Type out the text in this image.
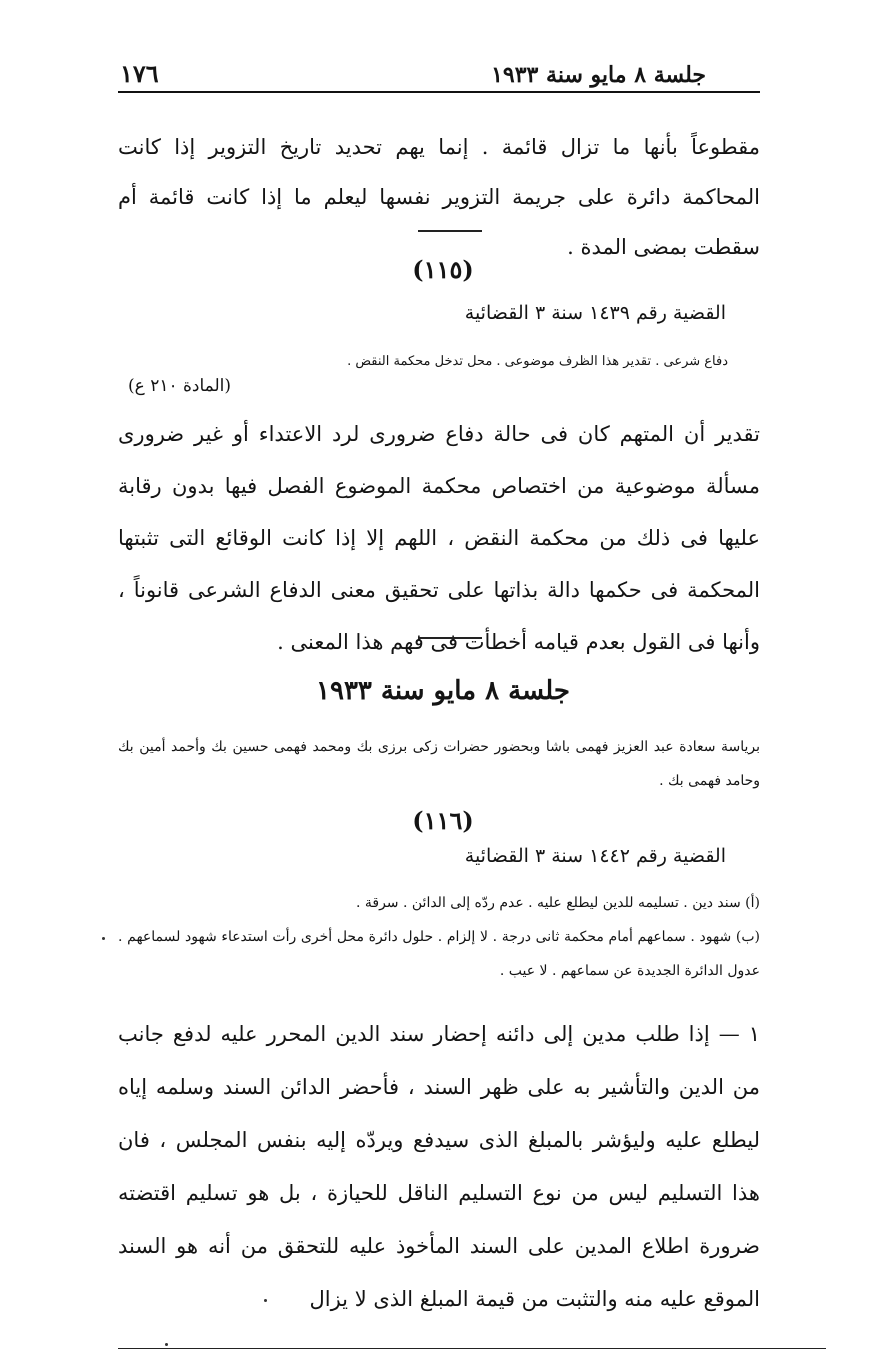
١٧٦	جلسة ٨ مايو سنة ١٩٣٣
مقطوعاً بأنها ما تزال قائمة . إنما يهم تحديد تاريخ التزوير إذا كانت المحاكمة دائرة على جريمة التزوير نفسها ليعلم ما إذا كانت قائمة أم سقطت بمضى المدة .
(١١٥)
القضية رقم ١٤٣٩ سنة ٣ القضائية
دفاع شرعى . تقدير هذا الظرف موضوعى . محل تدخل محكمة النقض .
(المادة ٢١٠ ع)
تقدير أن المتهم كان فى حالة دفاع ضرورى لرد الاعتداء أو غير ضرورى مسألة موضوعية من اختصاص محكمة الموضوع الفصل فيها بدون رقابة عليها فى ذلك من محكمة النقض ، اللهم إلا إذا كانت الوقائع التى تثبتها المحكمة فى حكمها دالة بذاتها على تحقيق معنى الدفاع الشرعى قانوناً ، وأنها فى القول بعدم قيامه أخطأت فى فهم هذا المعنى .
جلسة ٨ مايو سنة ١٩٣٣
برياسة سعادة عبد العزيز فهمى باشا وبحضور حضرات زكى برزى بك ومحمد فهمى حسين بك وأحمد أمين بك وحامد فهمى بك .
(١١٦)
القضية رقم ١٤٤٢ سنة ٣ القضائية
(أ) سند دين . تسليمه للدين ليطلع عليه . عدم ردّه إلى الدائن . سرقة .
(ب) شهود . سماعهم أمام محكمة ثانى درجة . لا إلزام . حلول دائرة محل أخرى رأت استدعاء شهود لسماعهم . عدول الدائرة الجديدة عن سماعهم . لا عيب .
١ — إذا طلب مدين إلى دائنه إحضار سند الدين المحرر عليه لدفع جانب من الدين والتأشير به على ظهر السند ، فأحضر الدائن السند وسلمه إياه ليطلع عليه وليؤشر بالمبلغ الذى سيدفع ويردّه إليه بنفس المجلس ، فان هذا التسليم ليس من نوع التسليم الناقل للحيازة ، بل هو تسليم اقتضته ضرورة اطلاع المدين على السند المأخوذ عليه للتحقق من أنه هو السند الموقع عليه منه والتثبت من قيمة المبلغ الذى لا يزال
